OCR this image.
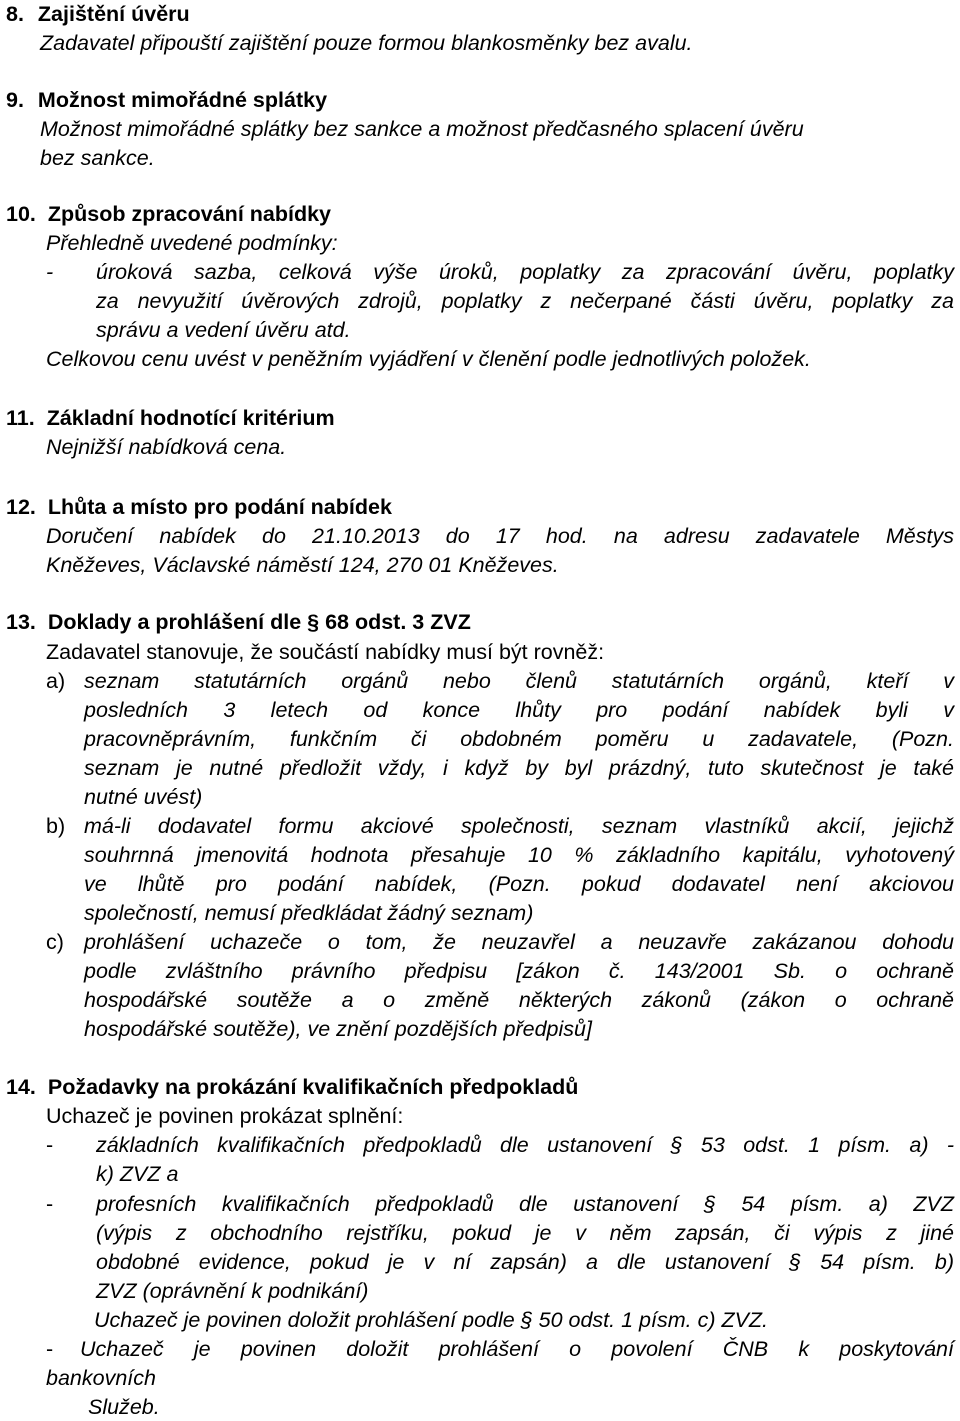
8. Zajištění úvěru
Zadavatel připouští zajištění pouze formou blankosměnky bez avalu.
9. Možnost mimořádné splátky
Možnost mimořádné splátky bez sankce a možnost předčasného splacení úvěru
bez sankce.
10. Způsob zpracování nabídky
Přehledně uvedené podmínky:
- úroková sazba, celková výše úroků, poplatky za zpracování úvěru, poplatky
za nevyužití úvěrových zdrojů, poplatky z nečerpané části úvěru, poplatky za
správu a vedení úvěru atd.
Celkovou cenu uvést v peněžním vyjádření v členění podle jednotlivých položek.
11. Základní hodnotící kritérium
Nejnižší nabídková cena.
12. Lhůta a místo pro podání nabídek
Doručení nabídek do 21.10.2013 do 17 hod. na adresu zadavatele Městys
Kněževes, Václavské náměstí 124, 270 01 Kněževes.
13. Doklady a prohlášení dle § 68 odst. 3 ZVZ
Zadavatel stanovuje, že součástí nabídky musí být rovněž:
a) seznam statutárních orgánů nebo členů statutárních orgánů, kteří v
posledních 3 letech od konce lhůty pro podání nabídek byli v
pracovněprávním, funkčním či obdobném poměru u zadavatele, (Pozn.
seznam je nutné předložit vždy, i když by byl prázdný, tuto skutečnost je také
nutné uvést)
b) má-li dodavatel formu akciové společnosti, seznam vlastníků akcií, jejichž
souhrnná jmenovitá hodnota přesahuje 10 % základního kapitálu, vyhotovený
ve lhůtě pro podání nabídek, (Pozn. pokud dodavatel není akciovou
společností, nemusí předkládat žádný seznam)
c) prohlášení uchazeče o tom, že neuzavřel a neuzavře zakázanou dohodu
podle zvláštního právního předpisu [zákon č. 143/2001 Sb. o ochraně
hospodářské soutěže a o změně některých zákonů (zákon o ochraně
hospodářské soutěže), ve znění pozdějších předpisů]
14. Požadavky na prokázání kvalifikačních předpokladů
Uchazeč je povinen prokázat splnění:
- základních kvalifikačních předpokladů dle ustanovení § 53 odst. 1 písm. a) -
k) ZVZ a
- profesních kvalifikačních předpokladů dle ustanovení § 54 písm. a) ZVZ
(výpis z obchodního rejstříku, pokud je v něm zapsán, či výpis z jiné
obdobné evidence, pokud je v ní zapsán) a dle ustanovení § 54 písm. b)
ZVZ (oprávnění k podnikání)
Uchazeč je povinen doložit prohlášení podle § 50 odst. 1 písm. c) ZVZ.
- Uchazeč je povinen doložit prohlášení o povolení ČNB k poskytování
bankovních
Služeb.
